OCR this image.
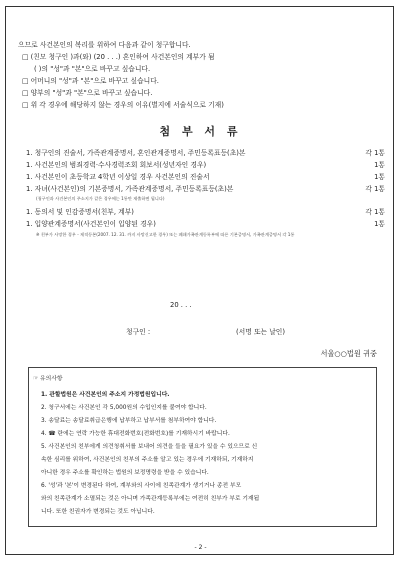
으므로 사건본인의 복리를 위하여 다음과 같이 청구합니다.
□ (친모 청구인 )과(와) (20 . . .) 혼인하여 사건본인의 계부가 됨
( )의 "성"과 "본"으로 바꾸고 싶습니다.
□ 어머니의 "성"과 "본"으로 바꾸고 싶습니다.
□ 양부의 "성"과 "본"으로 바꾸고 싶습니다.
□ 위 각 경우에 해당하지 않는 경우의 이유(별지에 서술식으로 기재)
첨 부 서 류
1. 청구인의 진술서, 가족관계증명서, 혼인관계증명서, 주민등록표등(초)본	각 1통
1. 사건본인의 범죄경력·수사경력조회 회보서(성년자인 경우)	1통
1. 사건본인이 초등학교 4학년 이상일 경우 사건본인의 진술서	1통
1. 자녀(사건본인)의 기본증명서, 가족관계증명서, 주민등록표등(초)본	각 1통
(청구인과 사건본인의 주소지가 같은 경우에는 1통만 제출하면 됩니다)
1. 동의서 및 인감증명서(친부, 계부)	각 1통
1. 입양관계증명서(사건본인이 입양된 경우)	1통
※ 친부가 사망한 경우 - 제적등본(2007. 12. 31. 까지 사망신고한 경우) 또는 폐쇄가족관계등록부에 따른 기본증명서, 가족관계증명서 각 1통
20 . . .
청구인 :	(서명 또는 날인)
서울○○법원 귀중
☞ 유의사항
1. 관할법원은 사건본인의 주소지 가정법원입니다.
2. 청구서에는 사건본인 각 5,000원의 수입인지를 붙여야 합니다.
3. 송달료는 송달료취급은행에 납부하고 납부서를 첨부하여야 합니다.
4. ☎ 란에는 연락 가능한 휴대전화번호(전화번호)를 기재하시기 바랍니다.
5. 사건본인의 친부에게 의견청취서를 보내어 의견을 들을 필요가 있을 수 있으므로 신
속한 심리를 위하여, 사건본인의 친부의 주소를 알고 있는 경우에 기재하되, 기재하지
아니한 경우 주소를 확인하는 법원의 보정명령을 받을 수 있습니다.
6. '성'과 '본'이 변경된다 하여, 계부와의 사이에 친족관계가 생기거나 종전 부모
와의 친족관계가 소멸되는 것은 아니며 가족관계등록부에는 여전히 친부가 부로 기재됩
니다. 또한 친권자가 변경되는 것도 아닙니다.
- 2 -
